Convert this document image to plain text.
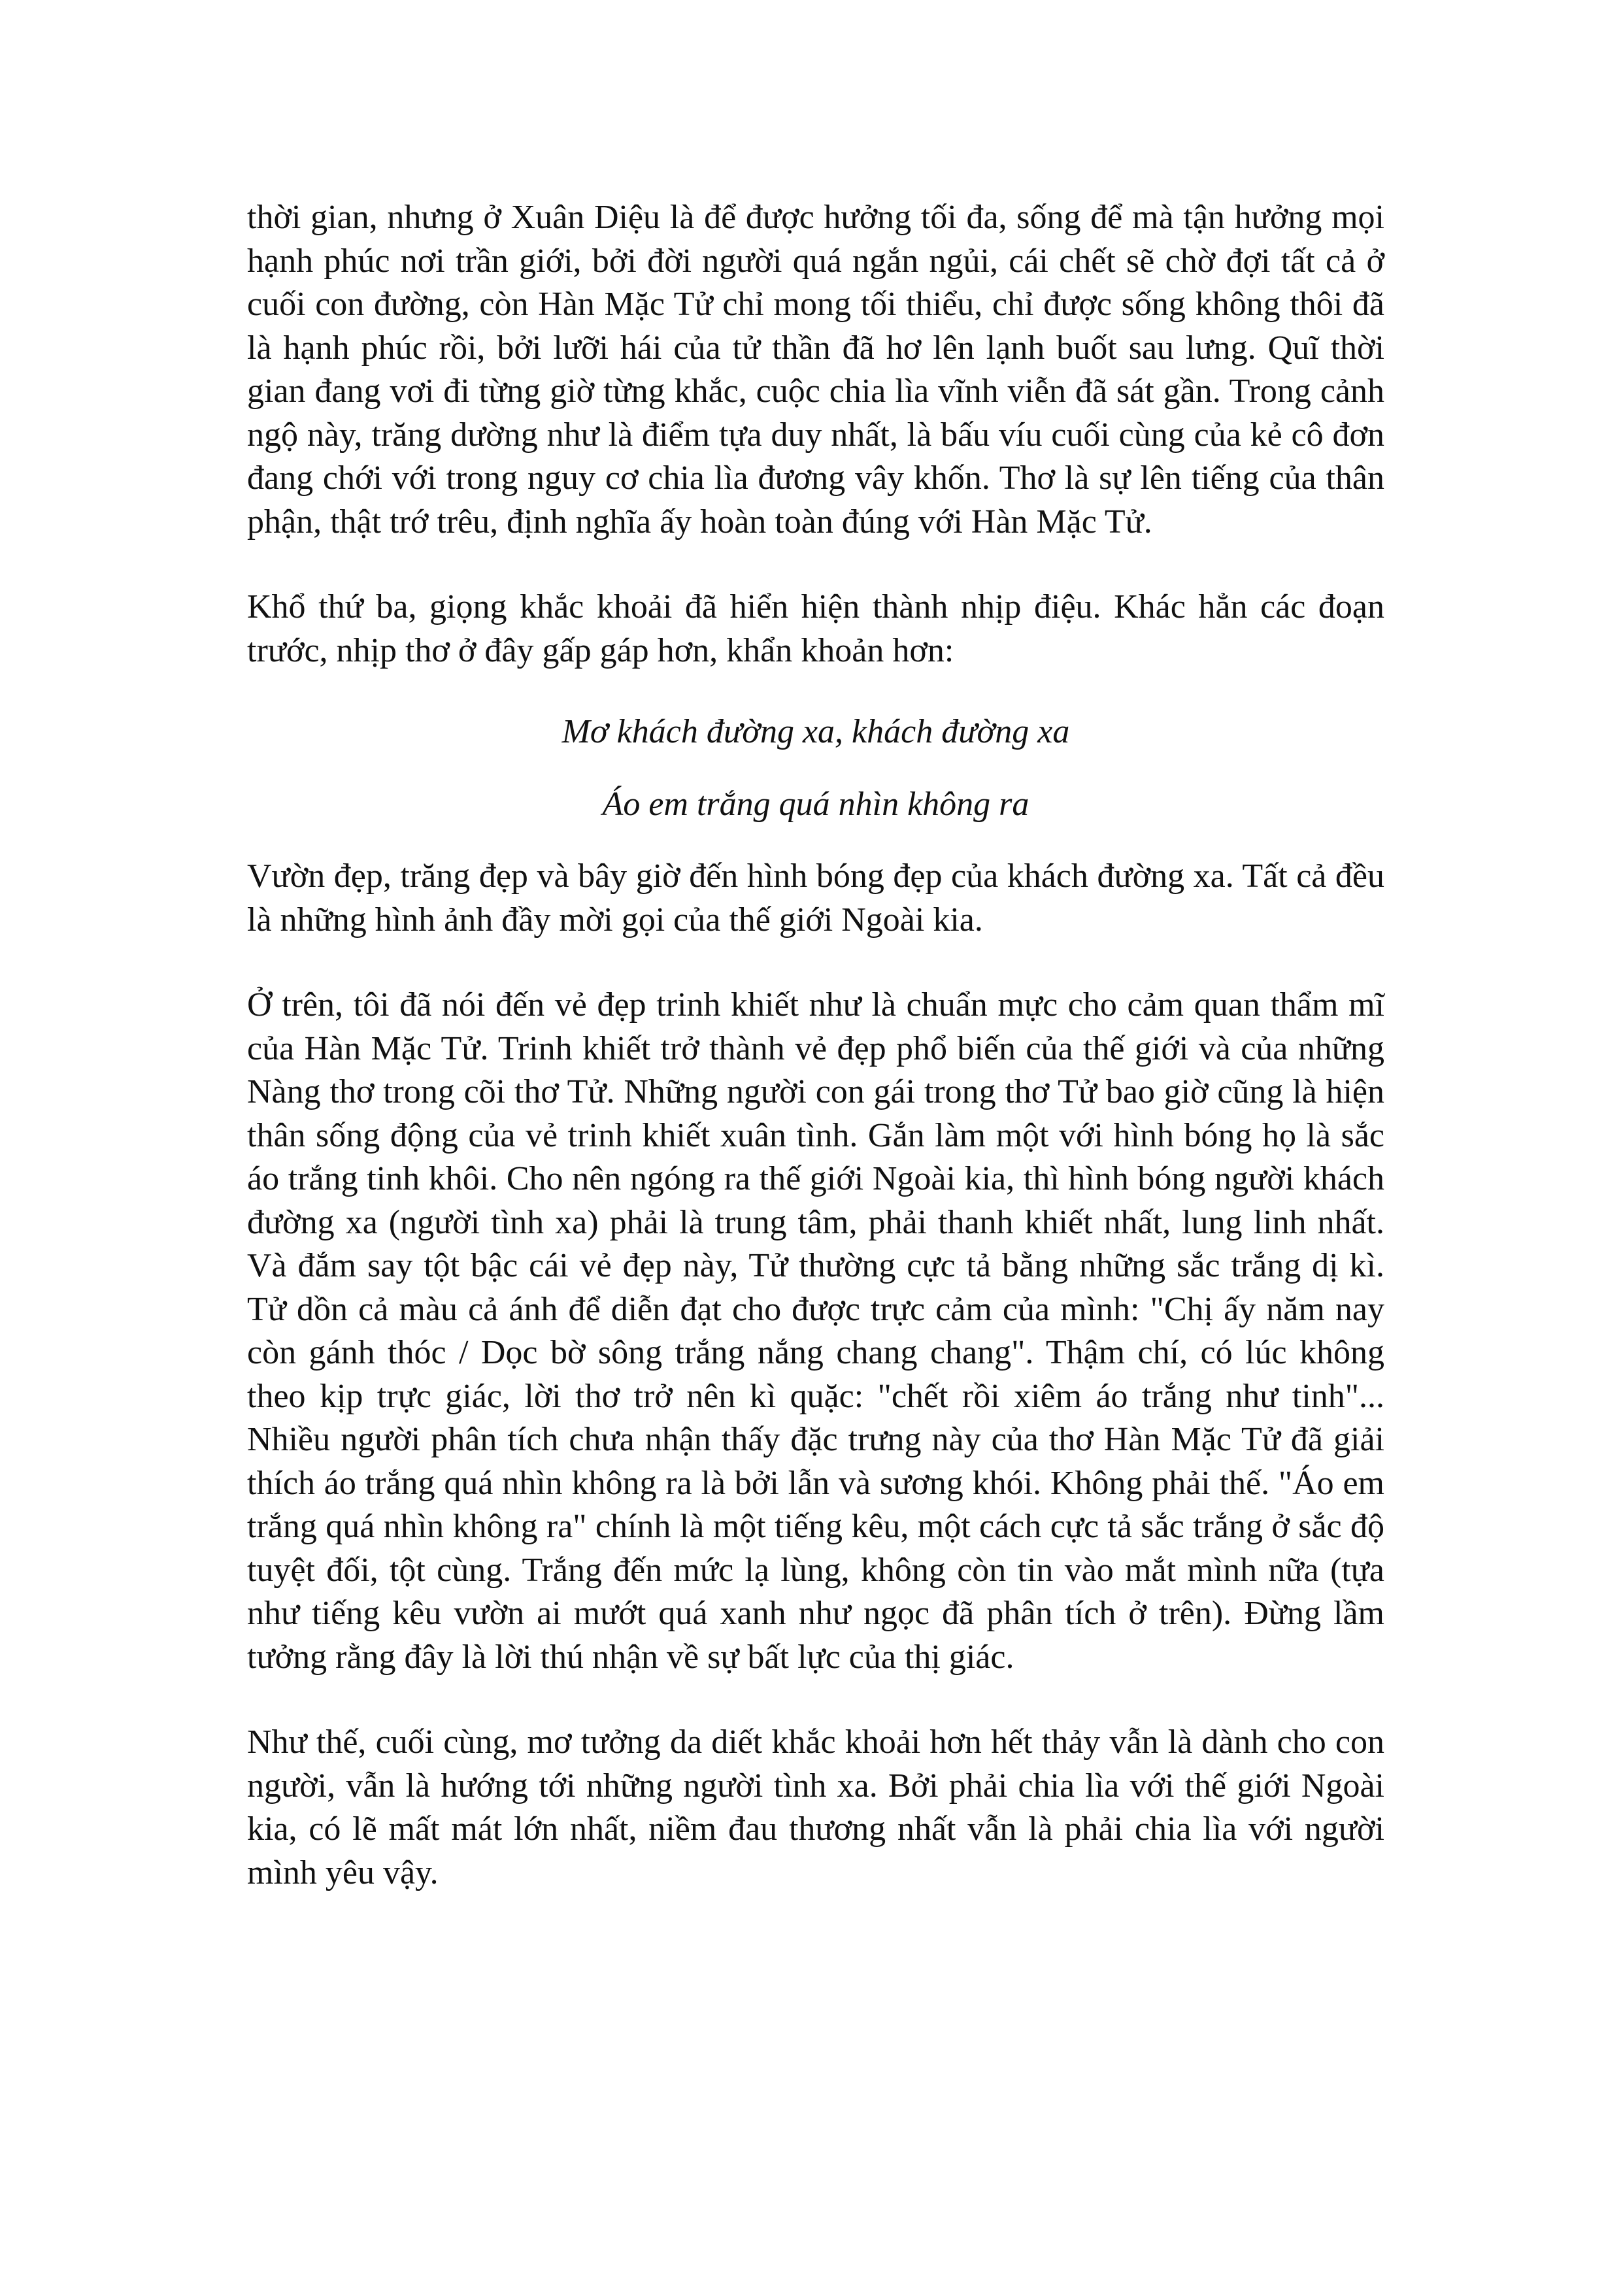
thời gian, nhưng ở Xuân Diệu là để được hưởng tối đa, sống để mà tận hưởng mọi hạnh phúc nơi trần giới, bởi đời người quá ngắn ngủi, cái chết sẽ chờ đợi tất cả ở cuối con đường, còn Hàn Mặc Tử chỉ mong tối thiểu, chỉ được sống không thôi đã là hạnh phúc rồi, bởi lưỡi hái của tử thần đã hơ lên lạnh buốt sau lưng. Quĩ thời gian đang vơi đi từng giờ từng khắc, cuộc chia lìa vĩnh viễn đã sát gần. Trong cảnh ngộ này, trăng dường như là điểm tựa duy nhất, là bấu víu cuối cùng của kẻ cô đơn đang chới với trong nguy cơ chia lìa đương vây khốn. Thơ là sự lên tiếng của thân phận, thật trớ trêu, định nghĩa ấy hoàn toàn đúng với Hàn Mặc Tử.

Khổ thứ ba, giọng khắc khoải đã hiển hiện thành nhịp điệu. Khác hẳn các đoạn trước, nhịp thơ ở đây gấp gáp hơn, khẩn khoản hơn:

Mơ khách đường xa, khách đường xa

Áo em trắng quá nhìn không ra

Vườn đẹp, trăng đẹp và bây giờ đến hình bóng đẹp của khách đường xa. Tất cả đều là những hình ảnh đầy mời gọi của thế giới Ngoài kia.

Ở trên, tôi đã nói đến vẻ đẹp trinh khiết như là chuẩn mực cho cảm quan thẩm mĩ của Hàn Mặc Tử. Trinh khiết trở thành vẻ đẹp phổ biến của thế giới và của những Nàng thơ trong cõi thơ Tử. Những người con gái trong thơ Tử bao giờ cũng là hiện thân sống động của vẻ trinh khiết xuân tình. Gắn làm một với hình bóng họ là sắc áo trắng tinh khôi. Cho nên ngóng ra thế giới Ngoài kia, thì hình bóng người khách đường xa (người tình xa) phải là trung tâm, phải thanh khiết nhất, lung linh nhất. Và đắm say tột bậc cái vẻ đẹp này, Tử thường cực tả bằng những sắc trắng dị kì. Tử dồn cả màu cả ánh để diễn đạt cho được trực cảm của mình: "Chị ấy năm nay còn gánh thóc / Dọc bờ sông trắng nắng chang chang". Thậm chí, có lúc không theo kịp trực giác, lời thơ trở nên kì quặc: "chết rồi xiêm áo trắng như tinh"... Nhiều người phân tích chưa nhận thấy đặc trưng này của thơ Hàn Mặc Tử đã giải thích áo trắng quá nhìn không ra là bởi lẫn và sương khói. Không phải thế. "Áo em trắng quá nhìn không ra" chính là một tiếng kêu, một cách cực tả sắc trắng ở sắc độ tuyệt đối, tột cùng. Trắng đến mức lạ lùng, không còn tin vào mắt mình nữa (tựa như tiếng kêu vườn ai mướt quá xanh như ngọc đã phân tích ở trên). Đừng lầm tưởng rằng đây là lời thú nhận về sự bất lực của thị giác.

Như thế, cuối cùng, mơ tưởng da diết khắc khoải hơn hết thảy vẫn là dành cho con người, vẫn là hướng tới những người tình xa. Bởi phải chia lìa với thế giới Ngoài kia, có lẽ mất mát lớn nhất, niềm đau thương nhất vẫn là phải chia lìa với người mình yêu vậy.
